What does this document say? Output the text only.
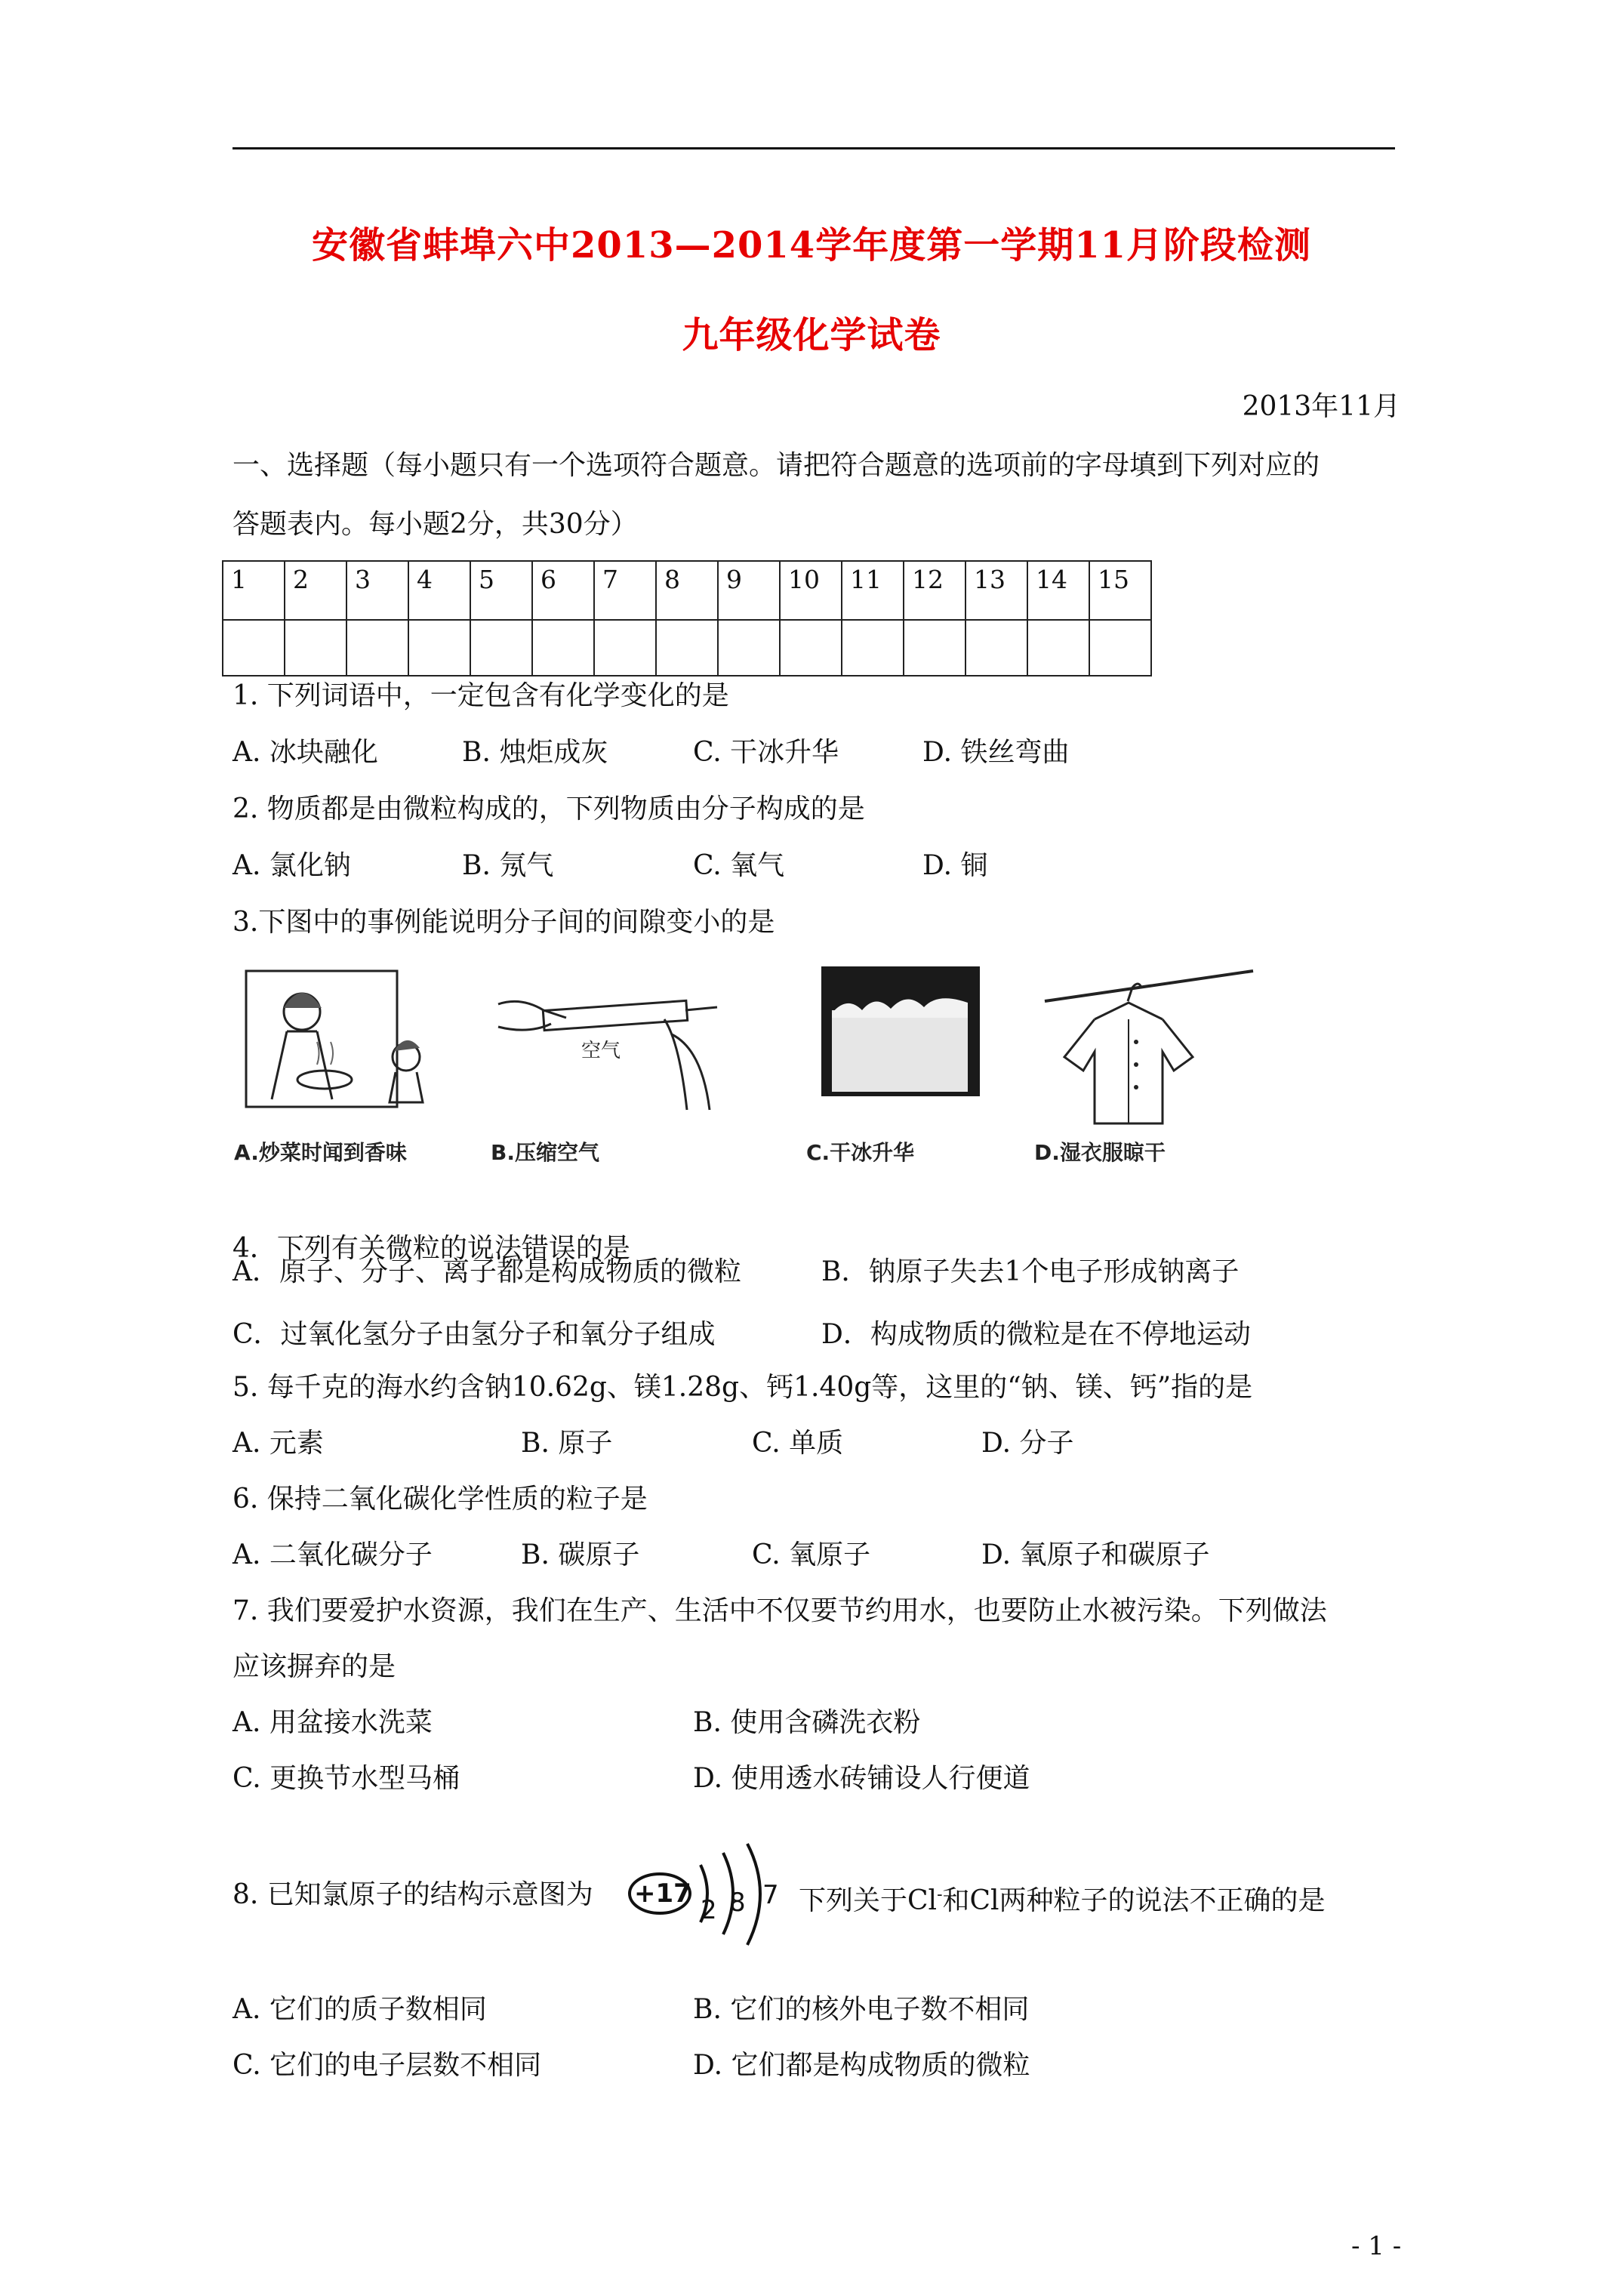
安徽省蚌埠六中2013—2014学年度第一学期11月阶段检测
九年级化学试卷
2013年11月
一、选择题（每小题只有一个选项符合题意。请把符合题意的选项前的字母填到下列对应的
答题表内。每小题2分，共30分）
1	2	3	4	5	6	7	8	9	10	11	12	13	14	15

1. 下列词语中，一定包含有化学变化的是
A. 冰块融化	B. 烛炬成灰	C. 干冰升华	D. 铁丝弯曲
2. 物质都是由微粒构成的，下列物质由分子构成的是
A. 氯化钠	B. 氖气	C. 氧气	D. 铜
3.下图中的事例能说明分子间的间隙变小的是
A.炒菜时闻到香味
空气
B.压缩空气	C.干冰升华	D.湿衣服晾干
4．下列有关微粒的说法错误的是
A．原子、分子、离子都是构成物质的微粒	B．钠原子失去1个电子形成钠离子
C．过氧化氢分子由氢分子和氧分子组成	D．构成物质的微粒是在不停地运动
5. 每千克的海水约含钠10.62g、镁1.28g、钙1.40g等，这里的“钠、镁、钙”指的是
A. 元素	B. 原子	C. 单质	D. 分子
6. 保持二氧化碳化学性质的粒子是
A. 二氧化碳分子	B. 碳原子	C. 氧原子	D. 氧原子和碳原子
7. 我们要爱护水资源，我们在生产、生活中不仅要节约用水，也要防止水被污染。下列做法
应该摒弃的是
A. 用盆接水洗菜	B. 使用含磷洗衣粉
C. 更换节水型马桶	D. 使用透水砖铺设人行便道
8. 已知氯原子的结构示意图为 +17
2 8 7 下列关于Cl-和Cl两种粒子的说法不正确的是
A. 它们的质子数相同	B. 它们的核外电子数不相同
C. 它们的电子层数不相同	D. 它们都是构成物质的微粒
- 1 -
